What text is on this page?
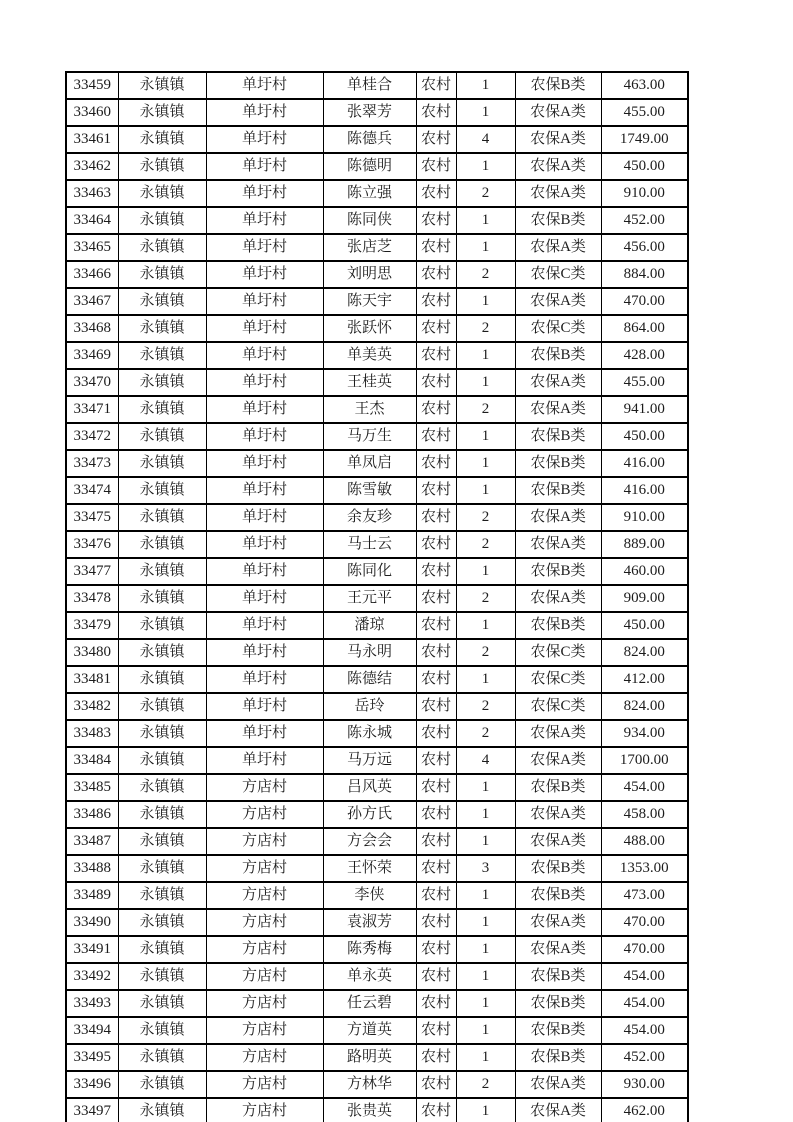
33459	永镇镇	单圩村	单桂合	农村	1	农保B类	463.00
33460	永镇镇	单圩村	张翠芳	农村	1	农保A类	455.00
33461	永镇镇	单圩村	陈德兵	农村	4	农保A类	1749.00
33462	永镇镇	单圩村	陈德明	农村	1	农保A类	450.00
33463	永镇镇	单圩村	陈立强	农村	2	农保A类	910.00
33464	永镇镇	单圩村	陈同侠	农村	1	农保B类	452.00
33465	永镇镇	单圩村	张店芝	农村	1	农保A类	456.00
33466	永镇镇	单圩村	刘明思	农村	2	农保C类	884.00
33467	永镇镇	单圩村	陈天宇	农村	1	农保A类	470.00
33468	永镇镇	单圩村	张跃怀	农村	2	农保C类	864.00
33469	永镇镇	单圩村	单美英	农村	1	农保B类	428.00
33470	永镇镇	单圩村	王桂英	农村	1	农保A类	455.00
33471	永镇镇	单圩村	王杰	农村	2	农保A类	941.00
33472	永镇镇	单圩村	马万生	农村	1	农保B类	450.00
33473	永镇镇	单圩村	单凤启	农村	1	农保B类	416.00
33474	永镇镇	单圩村	陈雪敏	农村	1	农保B类	416.00
33475	永镇镇	单圩村	余友珍	农村	2	农保A类	910.00
33476	永镇镇	单圩村	马士云	农村	2	农保A类	889.00
33477	永镇镇	单圩村	陈同化	农村	1	农保B类	460.00
33478	永镇镇	单圩村	王元平	农村	2	农保A类	909.00
33479	永镇镇	单圩村	潘琼	农村	1	农保B类	450.00
33480	永镇镇	单圩村	马永明	农村	2	农保C类	824.00
33481	永镇镇	单圩村	陈德结	农村	1	农保C类	412.00
33482	永镇镇	单圩村	岳玲	农村	2	农保C类	824.00
33483	永镇镇	单圩村	陈永城	农村	2	农保A类	934.00
33484	永镇镇	单圩村	马万远	农村	4	农保A类	1700.00
33485	永镇镇	方店村	吕风英	农村	1	农保B类	454.00
33486	永镇镇	方店村	孙方氏	农村	1	农保A类	458.00
33487	永镇镇	方店村	方会会	农村	1	农保A类	488.00
33488	永镇镇	方店村	王怀荣	农村	3	农保B类	1353.00
33489	永镇镇	方店村	李侠	农村	1	农保B类	473.00
33490	永镇镇	方店村	袁淑芳	农村	1	农保A类	470.00
33491	永镇镇	方店村	陈秀梅	农村	1	农保A类	470.00
33492	永镇镇	方店村	单永英	农村	1	农保B类	454.00
33493	永镇镇	方店村	任云碧	农村	1	农保B类	454.00
33494	永镇镇	方店村	方道英	农村	1	农保B类	454.00
33495	永镇镇	方店村	路明英	农村	1	农保B类	452.00
33496	永镇镇	方店村	方林华	农村	2	农保A类	930.00
33497	永镇镇	方店村	张贵英	农村	1	农保A类	462.00
